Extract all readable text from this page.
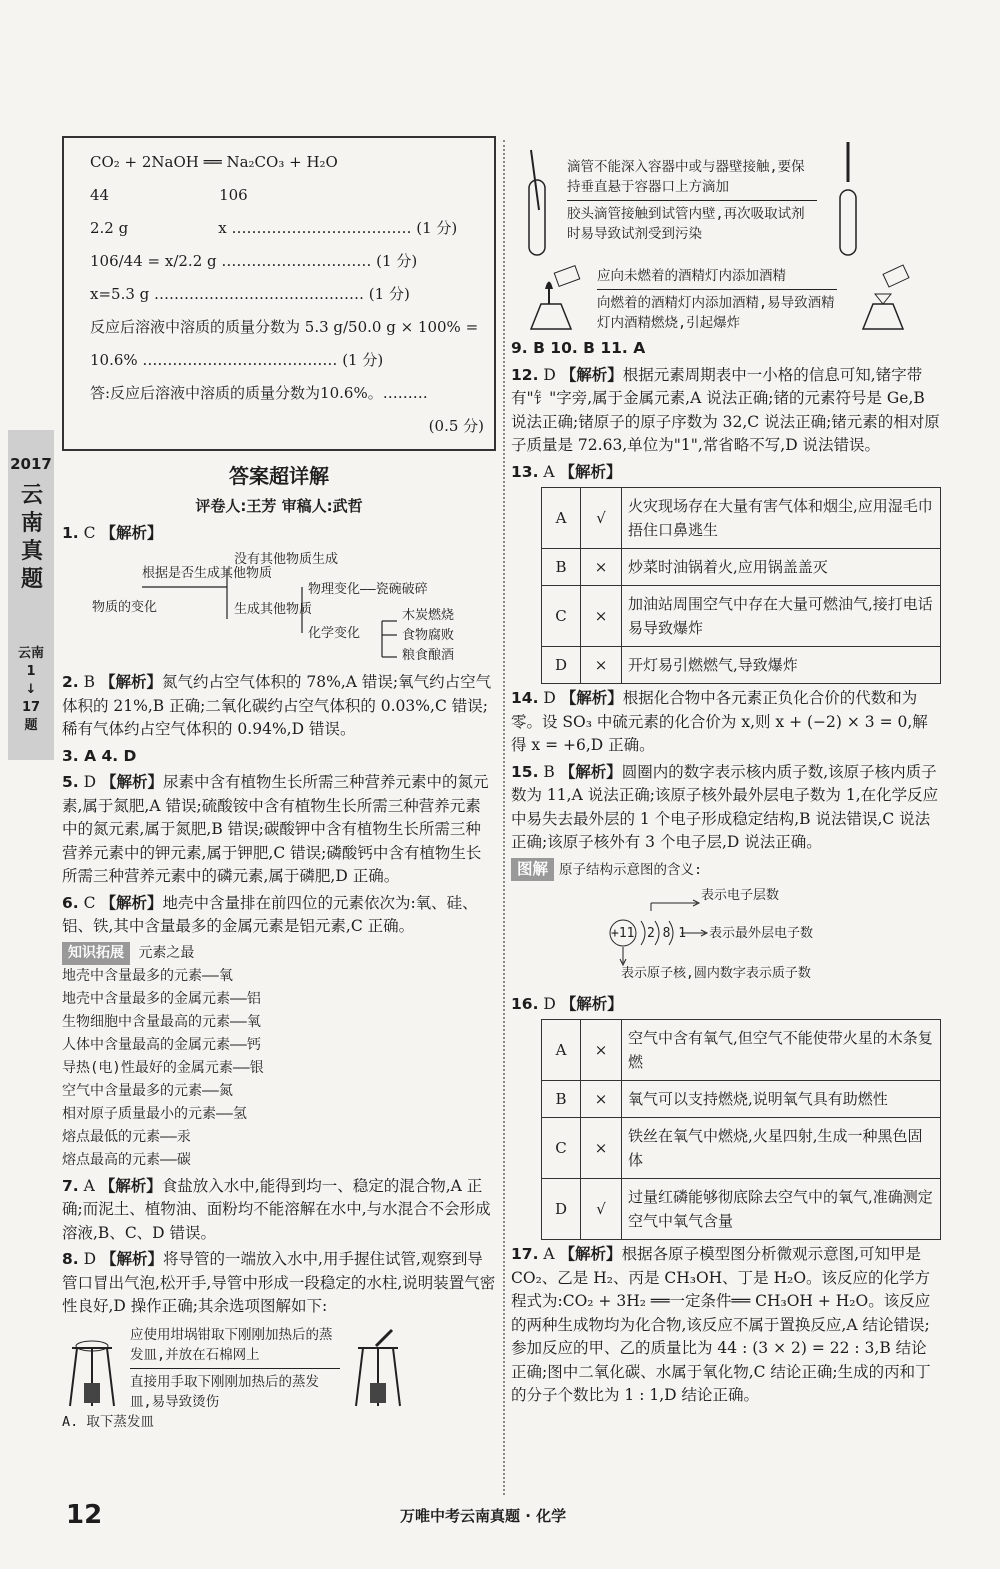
2017
云
南
真
题
云南
1
↓
17
题
CO₂ + 2NaOH ══ Na₂CO₃ + H₂O
44	106
2.2 g	x ……………………………… (1 分)
106/44 = x/2.2 g ………………………… (1 分)
x=5.3 g …………………………………… (1 分)
反应后溶液中溶质的质量分数为 5.3 g/50.0 g × 100% =
10.6% ………………………………… (1 分)
答:反应后溶液中溶质的质量分数为10.6%。………
(0.5 分)
答案超详解
评卷人:王芳 审稿人:武哲
1. C 【解析】
物质的变化
根据是否生成其他物质
没有其他物质生成
生成其他物质
物理变化——瓷碗破碎
化学变化
木炭燃烧
食物腐败
粮食酿酒
2. B 【解析】氮气约占空气体积的 78%,A 错误;氧气约占空气体积的 21%,B 正确;二氧化碳约占空气体积的 0.03%,C 错误;稀有气体约占空气体积的 0.94%,D 错误。
3. A 4. D
5. D 【解析】尿素中含有植物生长所需三种营养元素中的氮元素,属于氮肥,A 错误;硫酸铵中含有植物生长所需三种营养元素中的氮元素,属于氮肥,B 错误;碳酸钾中含有植物生长所需三种营养元素中的钾元素,属于钾肥,C 错误;磷酸钙中含有植物生长所需三种营养元素中的磷元素,属于磷肥,D 正确。
6. C 【解析】地壳中含量排在前四位的元素依次为:氧、硅、铝、铁,其中含量最多的金属元素是铝元素,C 正确。
知识拓展 元素之最
地壳中含量最多的元素——氧
地壳中含量最多的金属元素——铝
生物细胞中含量最高的元素——氧
人体中含量最高的金属元素——钙
导热(电)性最好的金属元素——银
空气中含量最多的元素——氮
相对原子质量最小的元素——氢
熔点最低的元素——汞
熔点最高的元素——碳
7. A 【解析】食盐放入水中,能得到均一、稳定的混合物,A 正确;而泥土、植物油、面粉均不能溶解在水中,与水混合不会形成溶液,B、C、D 错误。
8. D 【解析】将导管的一端放入水中,用手握住试管,观察到导管口冒出气泡,松开手,导管中形成一段稳定的水柱,说明装置气密性良好,D 操作正确;其余选项图解如下:
应使用坩埚钳取下刚刚加热后的蒸发皿,并放在石棉网上
直接用手取下刚刚加热后的蒸发皿,易导致烫伤
A. 取下蒸发皿
滴管不能深入容器中或与器壁接触,要保持垂直悬于容器口上方滴加
胶头滴管接触到试管内壁,再次吸取试剂时易导致试剂受到污染
应向未燃着的酒精灯内添加酒精
向燃着的酒精灯内添加酒精,易导致酒精灯内酒精燃烧,引起爆炸
9. B 10. B 11. A
12. D 【解析】根据元素周期表中一小格的信息可知,锗字带有"钅"字旁,属于金属元素,A 说法正确;锗的元素符号是 Ge,B 说法正确;锗原子的原子序数为 32,C 说法正确;锗元素的相对原子质量是 72.63,单位为"1",常省略不写,D 说法错误。
13. A 【解析】
A	√	火灾现场存在大量有害气体和烟尘,应用湿毛巾捂住口鼻逃生
B	×	炒菜时油锅着火,应用锅盖盖灭
C	×	加油站周围空气中存在大量可燃油气,接打电话易导致爆炸
D	×	开灯易引燃燃气,导致爆炸
14. D 【解析】根据化合物中各元素正负化合价的代数和为零。设 SO₃ 中硫元素的化合价为 x,则 x + (−2) × 3 = 0,解得 x = +6,D 正确。
15. B 【解析】圆圈内的数字表示核内质子数,该原子核内质子数为 11,A 说法正确;该原子核外最外层电子数为 1,在化学反应中易失去最外层的 1 个电子形成稳定结构,B 说法错误,C 说法正确;该原子核外有 3 个电子层,D 说法正确。
图解 原子结构示意图的含义:
表示电子层数
表示最外层电子数
表示原子核,圆内数字表示质子数
+11 2 8 1
16. D 【解析】
A	×	空气中含有氧气,但空气不能使带火星的木条复燃
B	×	氧气可以支持燃烧,说明氧气具有助燃性
C	×	铁丝在氧气中燃烧,火星四射,生成一种黑色固体
D	√	过量红磷能够彻底除去空气中的氧气,准确测定空气中氧气含量
17. A 【解析】根据各原子模型图分析微观示意图,可知甲是 CO₂、乙是 H₂、丙是 CH₃OH、丁是 H₂O。该反应的化学方程式为:CO₂ + 3H₂ ══一定条件══ CH₃OH + H₂O。该反应的两种生成物均为化合物,该反应不属于置换反应,A 结论错误;参加反应的甲、乙的质量比为 44 : (3 × 2) = 22 : 3,B 结论正确;图中二氧化碳、水属于氧化物,C 结论正确;生成的丙和丁的分子个数比为 1 : 1,D 结论正确。
12	万唯中考云南真题 · 化学
